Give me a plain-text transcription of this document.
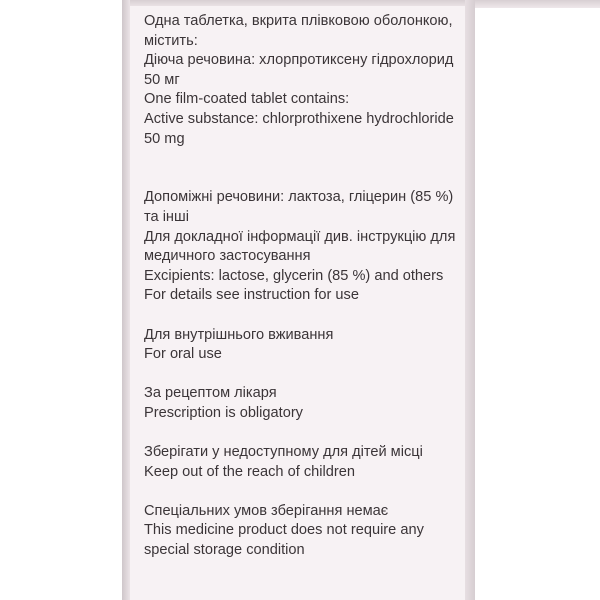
Одна таблетка, вкрита плівковою оболонкою,
містить:
Діюча речовина: хлорпротиксену гідрохлорид
50 мг
One film-coated tablet contains:
Active substance: chlorprothixene hydrochloride
50 mg
Допоміжні речовини: лактоза, гліцерин (85 %)
та інші
Для докладної інформації див. інструкцію для
медичного застосування
Excipients: lactose, glycerin (85 %) and others
For details see instruction for use
Для внутрішнього вживання
For oral use
За рецептом лікаря
Prescription is obligatory
Зберігати у недоступному для дітей місці
Keep out of the reach of children
Спеціальних умов зберігання немає
This medicine product does not require any
special storage condition
